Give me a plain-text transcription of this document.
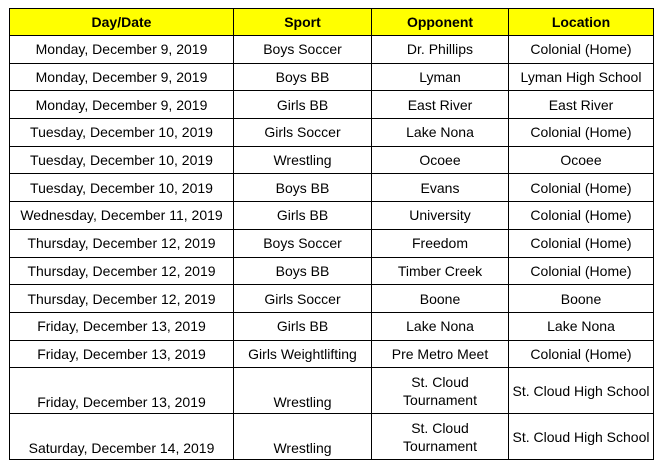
Day/Date	Sport	Opponent	Location
Monday, December 9, 2019	Boys Soccer	Dr. Phillips	Colonial (Home)
Monday, December 9, 2019	Boys BB	Lyman	Lyman High School
Monday, December 9, 2019	Girls BB	East River	East River
Tuesday, December 10, 2019	Girls Soccer	Lake Nona	Colonial (Home)
Tuesday, December 10, 2019	Wrestling	Ocoee	Ocoee
Tuesday, December 10, 2019	Boys BB	Evans	Colonial (Home)
Wednesday, December 11, 2019	Girls BB	University	Colonial (Home)
Thursday, December 12, 2019	Boys Soccer	Freedom	Colonial (Home)
Thursday, December 12, 2019	Boys BB	Timber Creek	Colonial (Home)
Thursday, December 12, 2019	Girls Soccer	Boone	Boone
Friday, December 13, 2019	Girls BB	Lake Nona	Lake Nona
Friday, December 13, 2019	Girls Weightlifting	Pre Metro Meet	Colonial (Home)
Friday, December 13, 2019	Wrestling	St. Cloud Tournament	St. Cloud High School
Saturday, December 14, 2019	Wrestling	St. Cloud Tournament	St. Cloud High School
